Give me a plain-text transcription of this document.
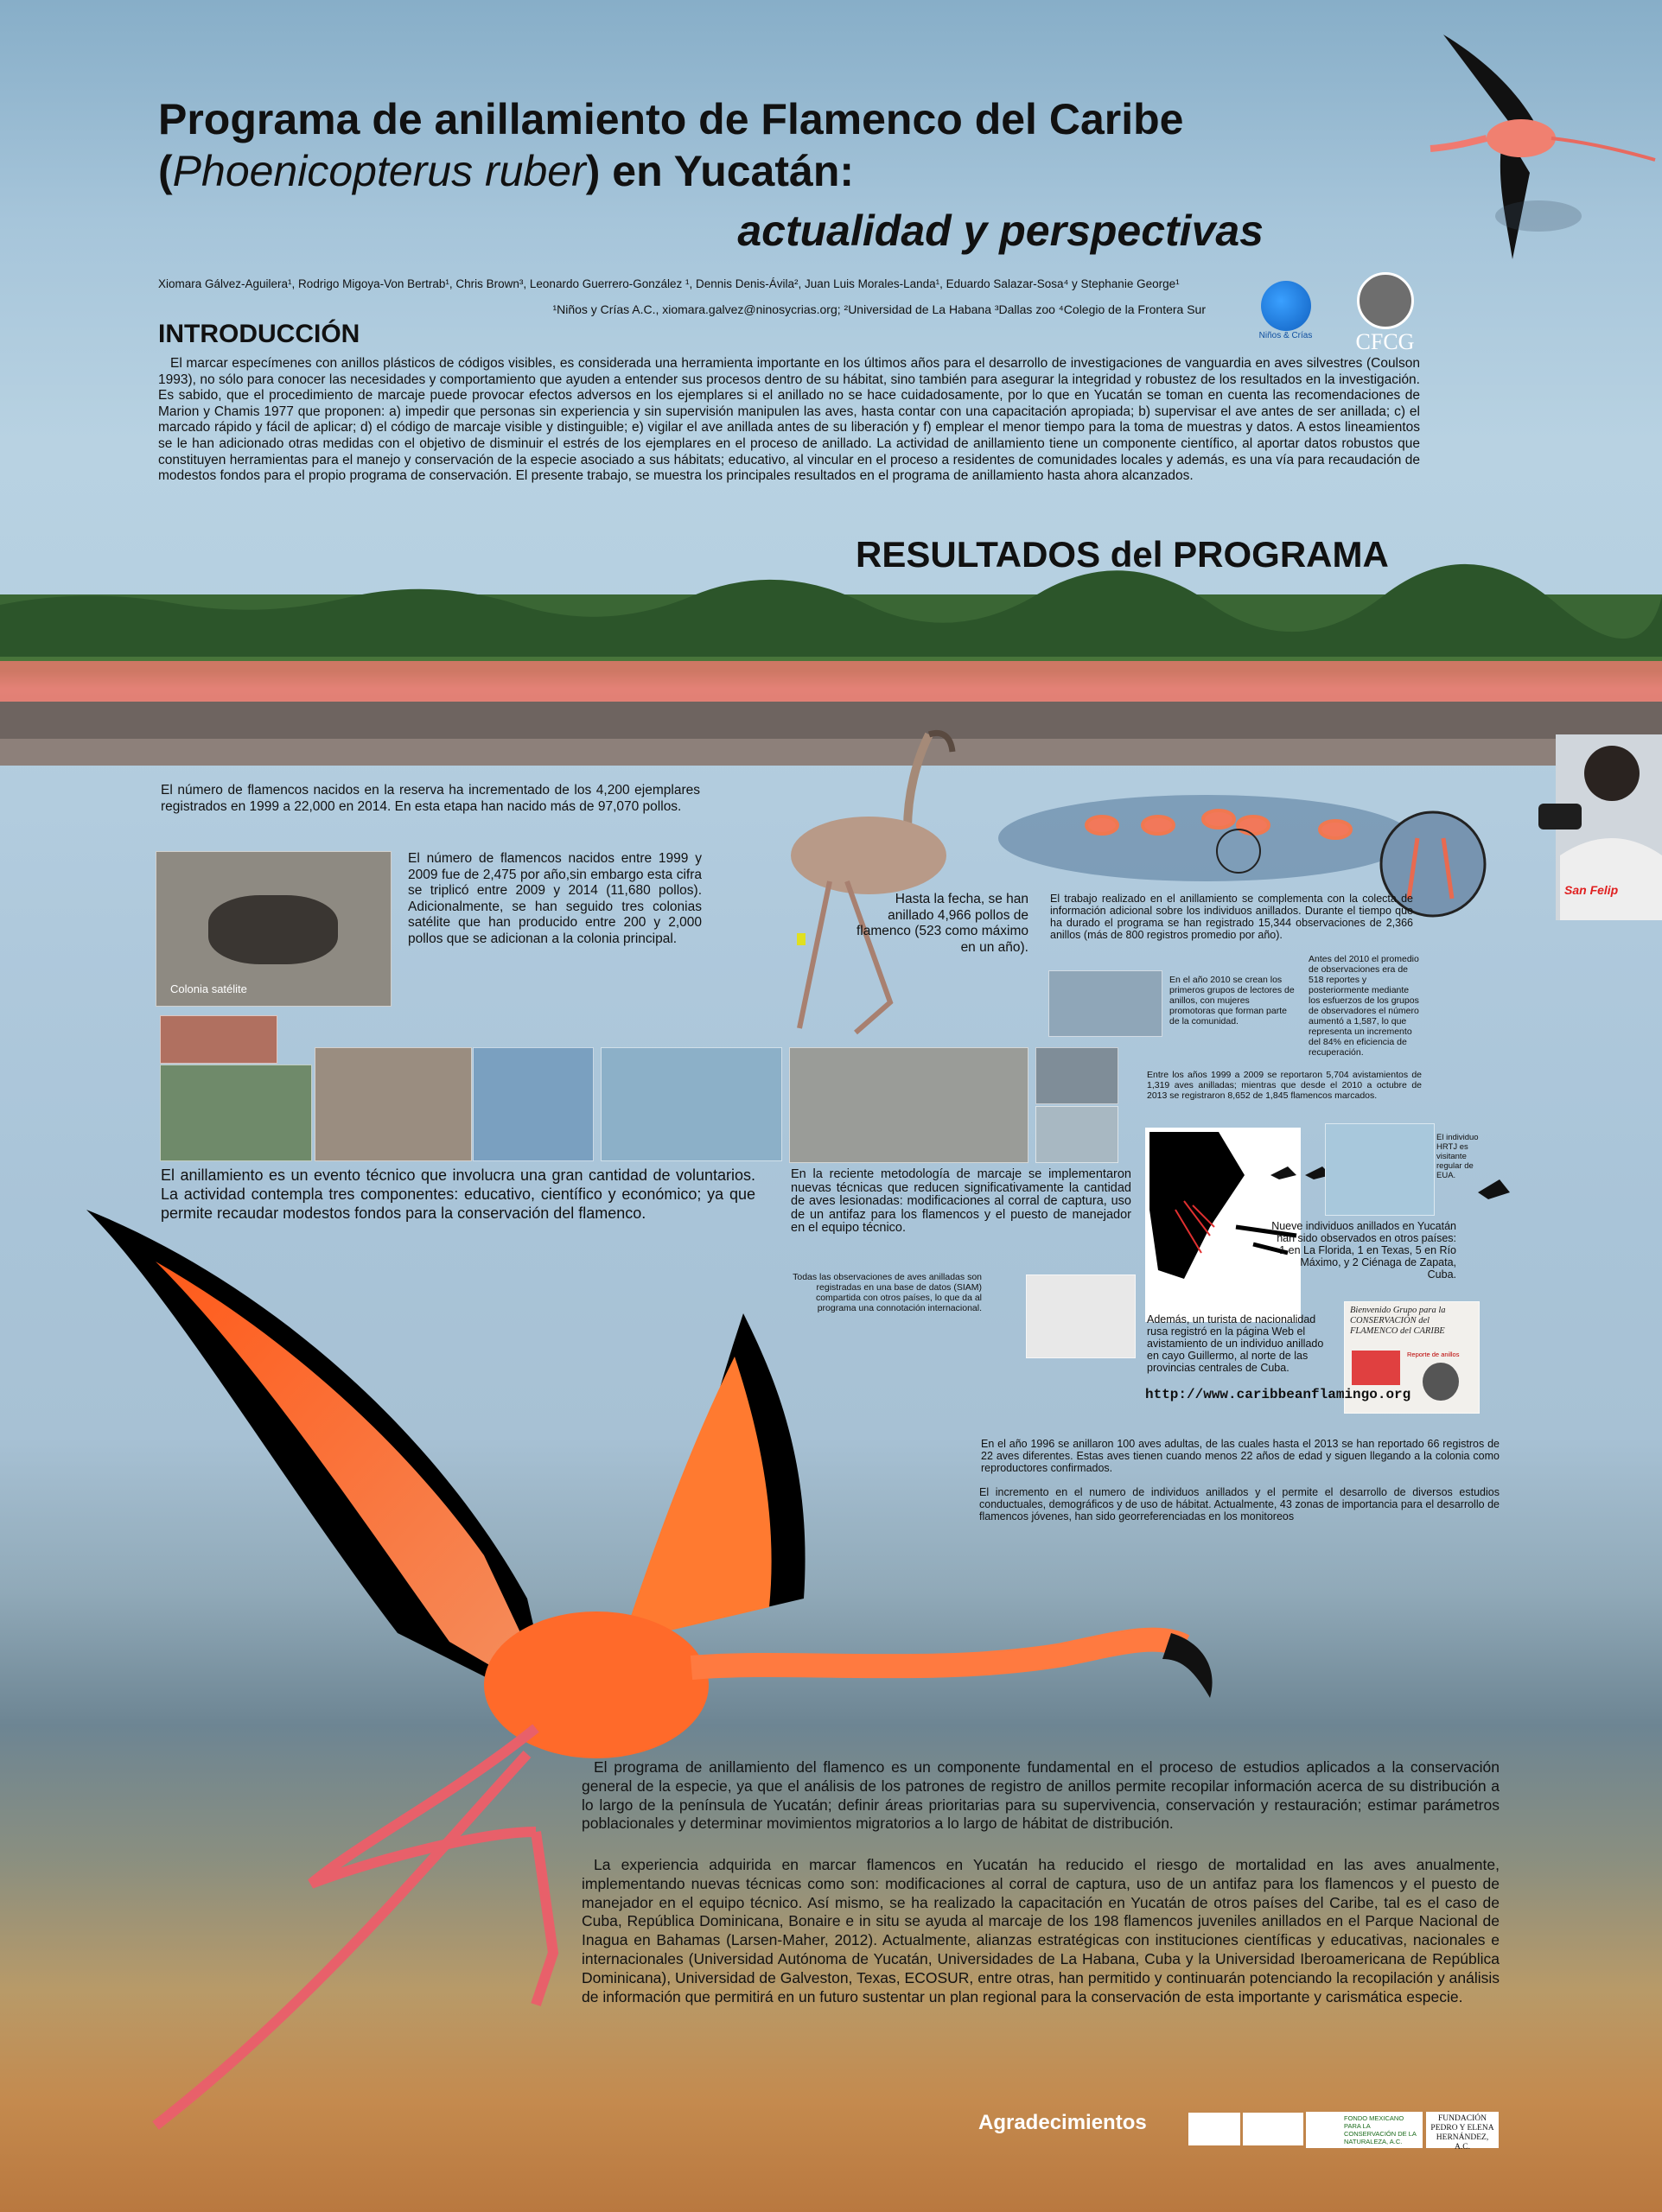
Programa de anillamiento de Flamenco del Caribe
(Phoenicopterus ruber) en Yucatán:
actualidad y perspectivas
Xiomara Gálvez-Aguilera¹, Rodrigo Migoya-Von Bertrab¹, Chris Brown³, Leonardo Guerrero-González ¹, Dennis Denis-Ávila², Juan Luis Morales-Landa¹, Eduardo Salazar-Sosa⁴ y Stephanie George¹
¹Niños y Crías A.C., xiomara.galvez@ninosycrias.org; ²Universidad de La Habana ³Dallas zoo ⁴Colegio de la Frontera Sur
Niños & Crías	CFCG
INTRODUCCIÓN
El marcar especímenes con anillos plásticos de códigos visibles, es considerada una herramienta importante en los últimos años para el desarrollo de investigaciones de vanguardia en aves silvestres (Coulson 1993), no sólo para conocer las necesidades y comportamiento que ayuden a entender sus procesos dentro de su hábitat, sino también para asegurar la integridad y robustez de los resultados en la investigación. Es sabido, que el procedimiento de marcaje puede provocar efectos adversos en los ejemplares si el anillado no se hace cuidadosamente, por lo que en Yucatán se toman en cuenta las recomendaciones de Marion y Chamis 1977 que proponen: a) impedir que personas sin experiencia y sin supervisión manipulen las aves, hasta contar con una capacitación apropiada; b) supervisar el ave antes de ser anillada; c) el marcado rápido y fácil de aplicar; d) el código de marcaje visible y distinguible; e) vigilar el ave anillada antes de su liberación y f) emplear el menor tiempo para la toma de muestras y datos. A estos lineamientos se le han adicionado otras medidas con el objetivo de disminuir el estrés de los ejemplares en el proceso de anillado. La actividad de anillamiento tiene un componente científico, al aportar datos robustos que constituyen herramientas para el manejo y conservación de la especie asociado a sus hábitats; educativo, al vincular en el proceso a residentes de comunidades locales y además, es una vía para recaudación de modestos fondos para el propio programa de conservación. El presente trabajo, se muestra los principales resultados en el programa de anillamiento hasta ahora alcanzados.
RESULTADOS del PROGRAMA
El número de flamencos nacidos en la reserva ha incrementado de los 4,200 ejemplares registrados en 1999 a 22,000 en 2014. En esta etapa han nacido más de 97,070 pollos.
Colonia satélite
El número de flamencos nacidos entre 1999 y 2009 fue de 2,475 por año,sin embargo esta cifra se triplicó entre 2009 y 2014 (11,680 pollos). Adicionalmente, se han seguido tres colonias satélite que han producido entre 200 y 2,000 pollos que se adicionan a la colonia principal.
Hasta la fecha, se han anillado 4,966 pollos de flamenco (523 como máximo en un año).
El trabajo realizado en el anillamiento se complementa con la colecta de información adicional sobre los individuos anillados. Durante el tiempo que ha durado el programa se han registrado 15,344 observaciones de 2,366 anillos (más de 800 registros promedio por año).
En el año 2010 se crean los primeros grupos de lectores de anillos, con mujeres promotoras que forman parte de la comunidad.
Antes del 2010 el promedio de observaciones era de 518 reportes y posteriormente mediante los esfuerzos de los grupos de observadores el número aumentó a 1,587, lo que representa un incremento del 84% en eficiencia de recuperación.
Entre los años 1999 a 2009 se reportaron 5,704 avistamientos de 1,319 aves anilladas; mientras que desde el 2010 a octubre de 2013 se registraron 8,652 de 1,845 flamencos marcados.
El anillamiento es un evento técnico que involucra una gran cantidad de voluntarios. La actividad contempla tres componentes: educativo, científico y económico; ya que permite recaudar modestos fondos para la conservación del flamenco.
En la reciente metodología de marcaje se implementaron nuevas técnicas que reducen significativamente la cantidad de aves lesionadas: modificaciones al corral de captura, uso de un antifaz para los flamencos y el puesto de manejador en el equipo técnico.
El individuo HRTJ es visitante regular de EUA.
Nueve individuos anillados en Yucatán han sido observados en otros países: 1 en La Florida, 1 en Texas, 5 en Río Máximo, y 2 Ciénaga de Zapata, Cuba.
Todas las observaciones de aves anilladas son registradas en una base de datos (SIAM) compartida con otros países, lo que da al programa una connotación internacional.
Además, un turista de nacionalidad rusa registró en la página Web el avistamiento de un individuo anillado en cayo Guillermo, al norte de las provincias centrales de Cuba.
Bienvenido Grupo para la CONSERVACIÓN del FLAMENCO del CARIBE
Reporte de anillos
http://www.caribbeanflamingo.org
En el año 1996 se anillaron 100 aves adultas, de las cuales hasta el 2013 se han reportado 66 registros de 22 aves diferentes. Estas aves tienen cuando menos 22 años de edad y siguen llegando a la colonia como reproductores confirmados.
El incremento en el numero de individuos anillados y el permite el desarrollo de diversos estudios conductuales, demográficos y de uso de hábitat. Actualmente, 43 zonas de importancia para el desarrollo de flamencos jóvenes, han sido georreferenciadas en los monitoreos
San Felip
El programa de anillamiento del flamenco es un componente fundamental en el proceso de estudios aplicados a la conservación general de la especie, ya que el análisis de los patrones de registro de anillos permite recopilar información acerca de su distribución a lo largo de la península de Yucatán; definir áreas prioritarias para su supervivencia, conservación y restauración; estimar parámetros poblacionales y determinar movimientos migratorios a lo largo de hábitat de distribución.
La experiencia adquirida en marcar flamencos en Yucatán ha reducido el riesgo de mortalidad en las aves anualmente, implementando nuevas técnicas como son: modificaciones al corral de captura, uso de un antifaz para los flamencos y el puesto de manejador en el equipo técnico. Así mismo, se ha realizado la capacitación en Yucatán de otros países del Caribe, tal es el caso de Cuba, República Dominicana, Bonaire e in situ se ayuda al marcaje de los 198 flamencos juveniles anillados en el Parque Nacional de Inagua en Bahamas (Larsen-Maher, 2012). Actualmente, alianzas estratégicas con instituciones científicas y educativas, nacionales e internacionales (Universidad Autónoma de Yucatán, Universidades de La Habana, Cuba y la Universidad Iberoamericana de República Dominicana), Universidad de Galveston, Texas, ECOSUR, entre otras, han permitido y continuarán potenciando la recopilación y análisis de información que permitirá en un futuro sustentar un plan regional para la conservación de esta importante y carismática especie.
Agradecimientos	FONDO MEXICANO PARA LA CONSERVACIÓN DE LA NATURALEZA, A.C.
FUNDACIÓN PEDRO Y ELENA HERNÁNDEZ, A.C.
